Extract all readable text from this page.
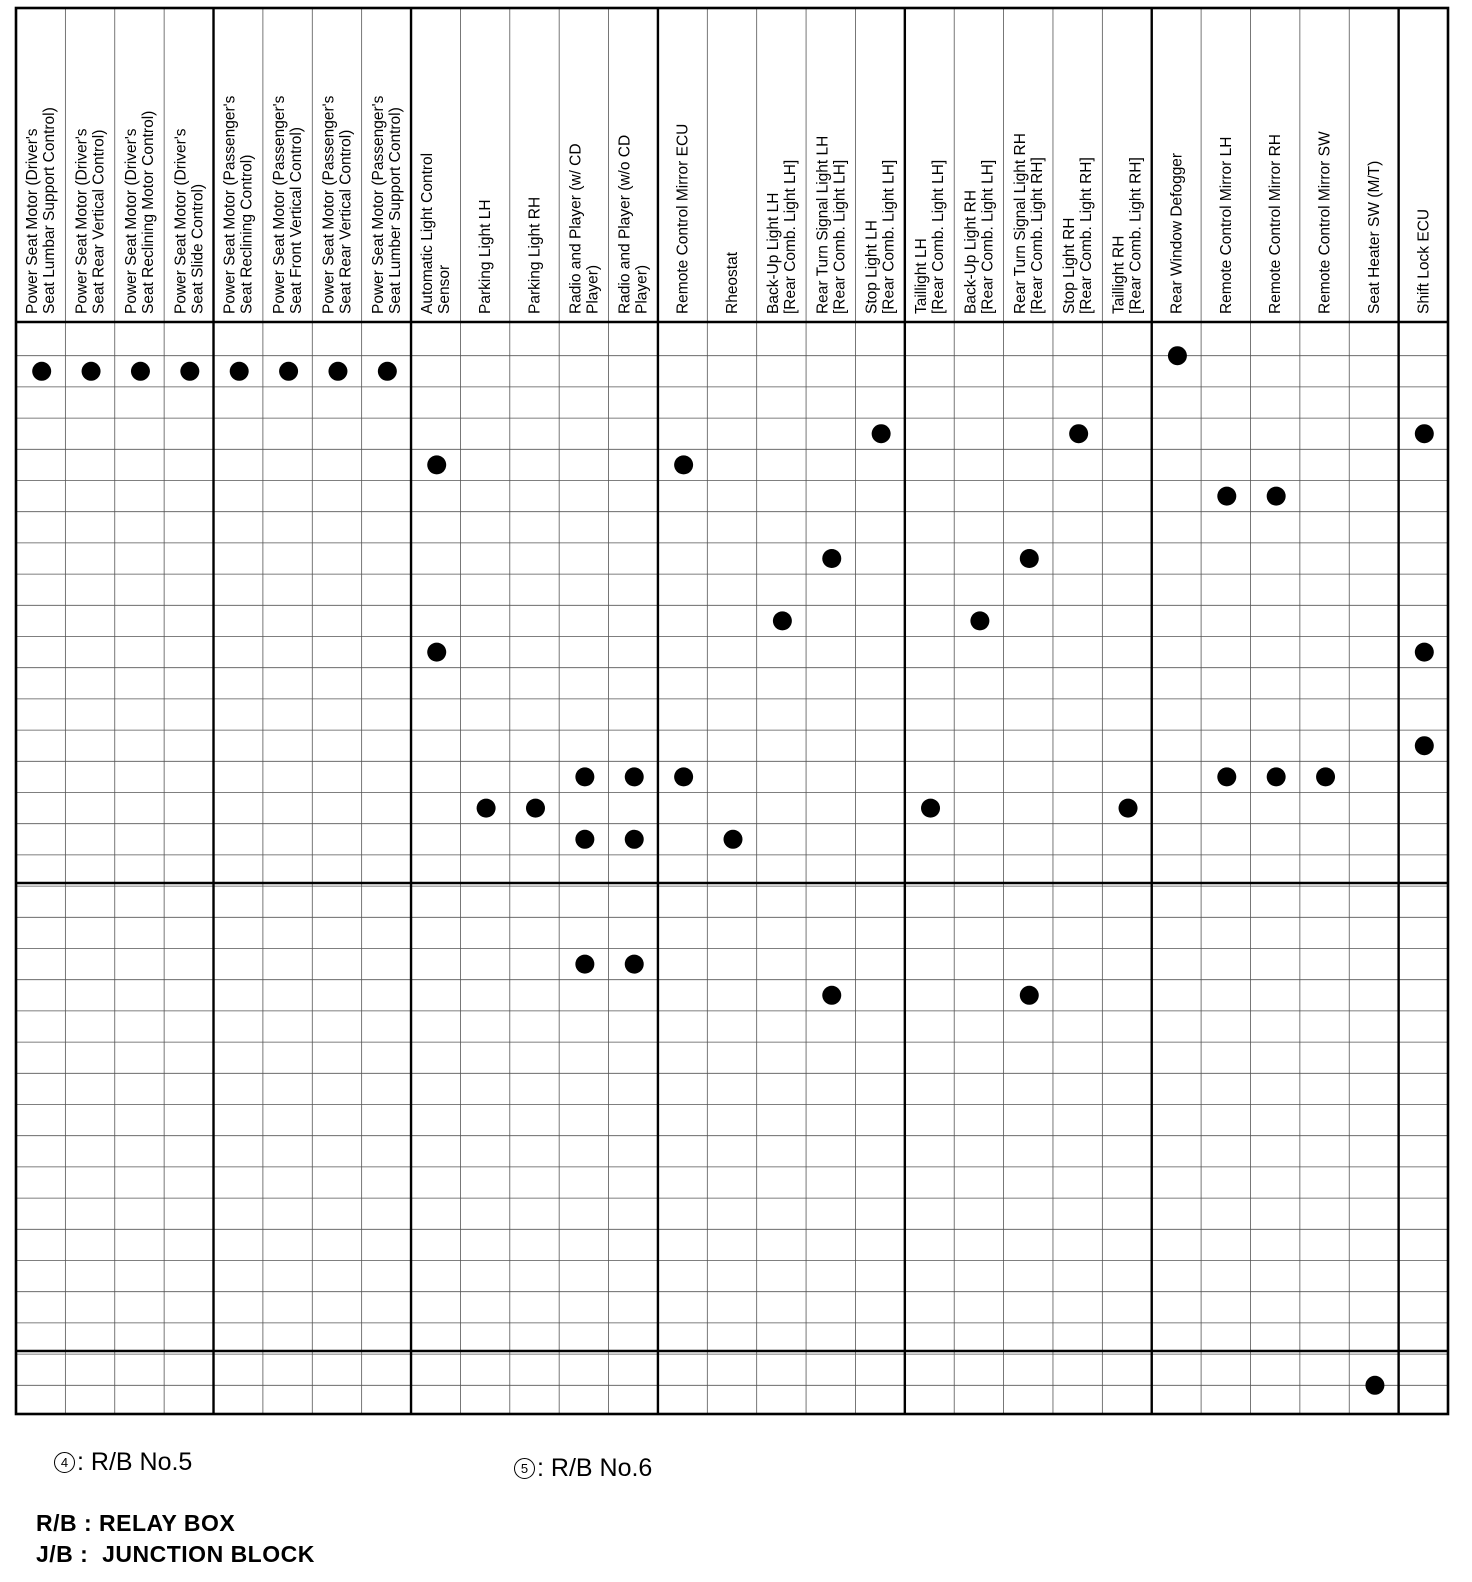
Power Seat Motor (Driver's Seat Lumbar Support Control) Power Seat Motor (Driver's Seat Rear Vertical Control) Power Seat Motor (Driver's Seat Reclining Motor Control) Power Seat Motor (Driver's Seat Slide Control) Power Seat Motor (Passenger's Seat Reclining Control) Power Seat Motor (Passenger's Seat Front Vertical Control) Power Seat Motor (Passenger's Seat Rear Vertical Control) Power Seat Motor (Passenger's Seat Lumber Support Control) Automatic Light Control Sensor Parking Light LH Parking Light RH Radio and Player (w/ CD Player) Radio and Player (w/o CD Player) Remote Control Mirror ECU Rheostat Back-Up Light LH [Rear Comb. Light LH] Rear Turn Signal Light LH [Rear Comb. Light LH] Stop Light LH [Rear Comb. Light LH] Taillight LH [Rear Comb. Light LH] Back-Up Light RH [Rear Comb. Light LH] Rear Turn Signal Light RH [Rear Comb. Light RH] Stop Light RH [Rear Comb. Light RH] Taillight RH [Rear Comb. Light RH] Rear Window Defogger Remote Control Mirror LH Remote Control Mirror RH Remote Control Mirror SW Seat Heater SW (M/T) Shift Lock ECU
4 : R/B No.5	5 : R/B No.6
R/B : RELAY BOX
J/B :  JUNCTION BLOCK
